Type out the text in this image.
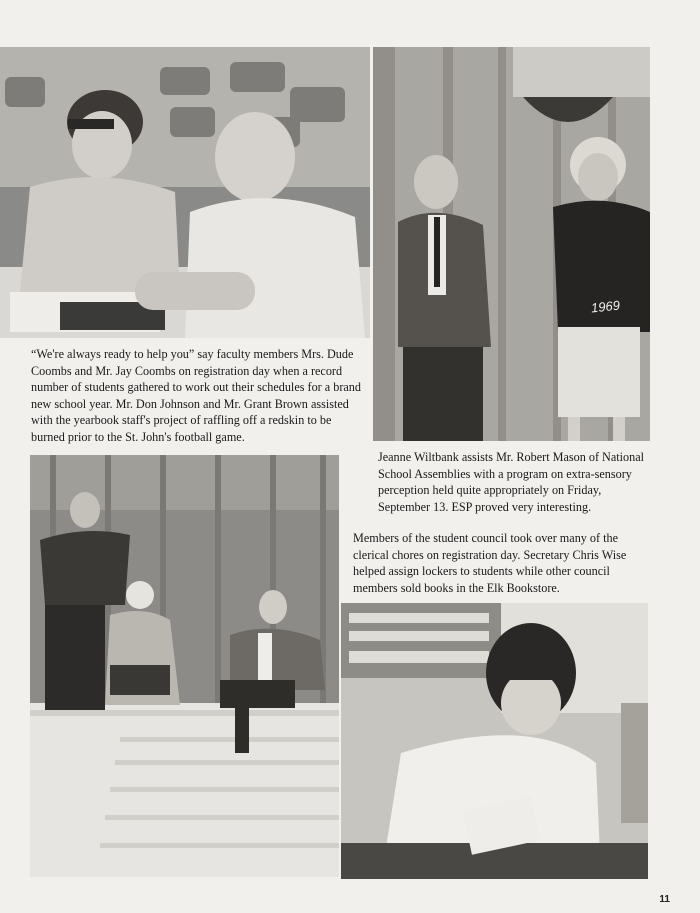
1969

“We're always ready to help you” say faculty members Mrs. Dude Coombs and Mr. Jay Coombs on registration day when a record number of students gathered to work out their schedules for a brand new school year. Mr. Don Johnson and Mr. Grant Brown assisted with the yearbook staff's project of raffling off a redskin to be burned prior to the St. John's football game.

Jeanne Wiltbank assists Mr. Robert Mason of National School Assemblies with a program on extra-sensory perception held quite appropriately on Friday, September 13. ESP proved very interesting.

Members of the student council took over many of the clerical chores on registration day. Secretary Chris Wise helped assign lockers to students while other council members sold books in the Elk Bookstore.

11
